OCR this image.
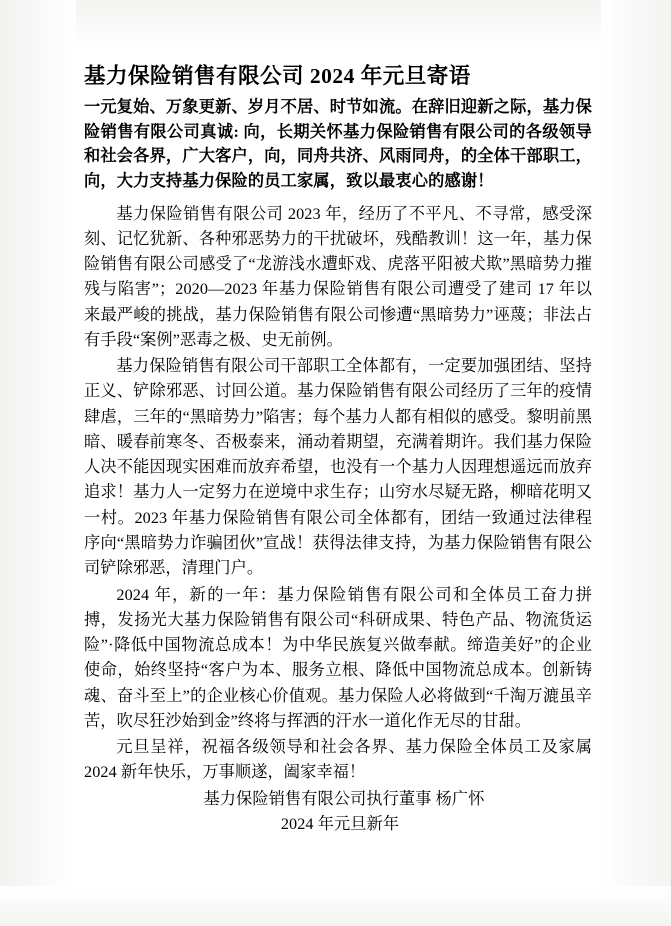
基力保险销售有限公司 2024 年元旦寄语

一元复始、万象更新、岁月不居、时节如流。在辞旧迎新之际，基力保险销售有限公司真诚: 向，长期关怀基力保险销售有限公司的各级领导和社会各界，广大客户，向，同舟共济、风雨同舟，的全体干部职工，向，大力支持基力保险的员工家属，致以最衷心的感谢！

基力保险销售有限公司 2023 年，经历了不平凡、不寻常，感受深刻、记忆犹新、各种邪恶势力的干扰破坏，残酷教训！这一年，基力保险销售有限公司感受了“龙游浅水遭虾戏、虎落平阳被犬欺”黑暗势力摧残与陷害”；2020—2023 年基力保险销售有限公司遭受了建司 17 年以来最严峻的挑战，基力保险销售有限公司惨遭“黑暗势力”诬蔑；非法占有手段“案例”恶毒之极、史无前例。

基力保险销售有限公司干部职工全体都有，一定要加强团结、坚持正义、铲除邪恶、讨回公道。基力保险销售有限公司经历了三年的疫情肆虐，三年的“黑暗势力”陷害；每个基力人都有相似的感受。黎明前黑暗、暖春前寒冬、否极泰来，涌动着期望，充满着期许。我们基力保险人决不能因现实困难而放弃希望，也没有一个基力人因理想遥远而放弃追求！基力人一定努力在逆境中求生存；山穷水尽疑无路，柳暗花明又一村。2023 年基力保险销售有限公司全体都有，团结一致通过法律程序向“黑暗势力诈骗团伙”宣战！获得法律支持，为基力保险销售有限公司铲除邪恶，清理门户。

2024 年，新的一年：基力保险销售有限公司和全体员工奋力拼搏，发扬光大基力保险销售有限公司“科研成果、特色产品、物流货运险”·降低中国物流总成本！为中华民族复兴做奉献。缔造美好”的企业使命，始终坚持“客户为本、服务立根、降低中国物流总成本。创新铸魂、奋斗至上”的企业核心价值观。基力保险人必将做到“千淘万漉虽辛苦，吹尽狂沙始到金”终将与挥洒的汗水一道化作无尽的甘甜。

元旦呈祥，祝福各级领导和社会各界、基力保险全体员工及家属 2024 新年快乐，万事顺遂，阖家幸福！

基力保险销售有限公司执行董事 杨广怀

2024 年元旦新年
